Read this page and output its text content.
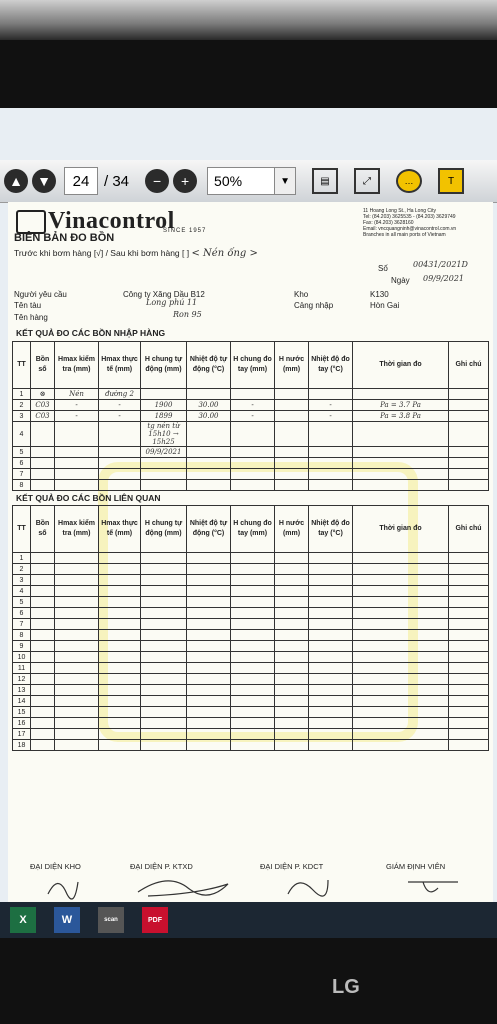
▲	▼	24 / 34	−	+	50%	▼	▤	⤢	…	T
Vinacontrol
SINCE 1957
BIÊN BẢN ĐO BỒN
11 Hoang Long St., Ha Long City
Tel: (84.203) 3625535 - (84.203) 3629749
Fax: (84.203) 3628160
Email: vncquangninh@vinacontrol.com.vn
Branches in all main ports of Vietnam
Trước khi bơm hàng [√] / Sau khi bơm hàng [ ] < Nén ống >
Số	00431/2021D
Ngày 09/9/2021
Người yêu cầu	Công ty Xăng Dầu B12	Kho	K130
Tên tàu	Long phú 11	Cảng nhập	Hòn Gai
Tên hàng	Ron 95
KẾT QUẢ ĐO CÁC BỒN NHẬP HÀNG
TT	Bồn số	Hmax kiểm tra (mm)	Hmax thực tế (mm)	H chung tự động (mm)	Nhiệt độ tự động (°C)	H chung đo tay (mm)	H nước (mm)	Nhiệt độ đo tay (°C)	Thời gian đo	Ghi chú
1	⊗	Nén	đường 2							
2	C03	-	-	1900	30.00	-		-	Pa = 3.7 Pa	
3	C03	-	-	1899	30.00	-		-	Pa = 3.8 Pa	
4				tg nén từ 15h10 → 15h25						
5				09/9/2021						
6										
7										
8										
KẾT QUẢ ĐO CÁC BỒN LIÊN QUAN
TT	Bồn số	Hmax kiểm tra (mm)	Hmax thực tế (mm)	H chung tự động (mm)	Nhiệt độ tự động (°C)	H chung đo tay (mm)	H nước (mm)	Nhiệt độ đo tay (°C)	Thời gian đo	Ghi chú
1										
2										
3										
4										
5										
6										
7										
8										
9										
10										
11										
12										
13										
14										
15										
16										
17										
18										
ĐẠI DIỆN KHO	ĐẠI DIỆN P. KTXD	ĐẠI DIỆN P. KDCT	GIÁM ĐỊNH VIÊN
X	W	scan	PDF
LG
